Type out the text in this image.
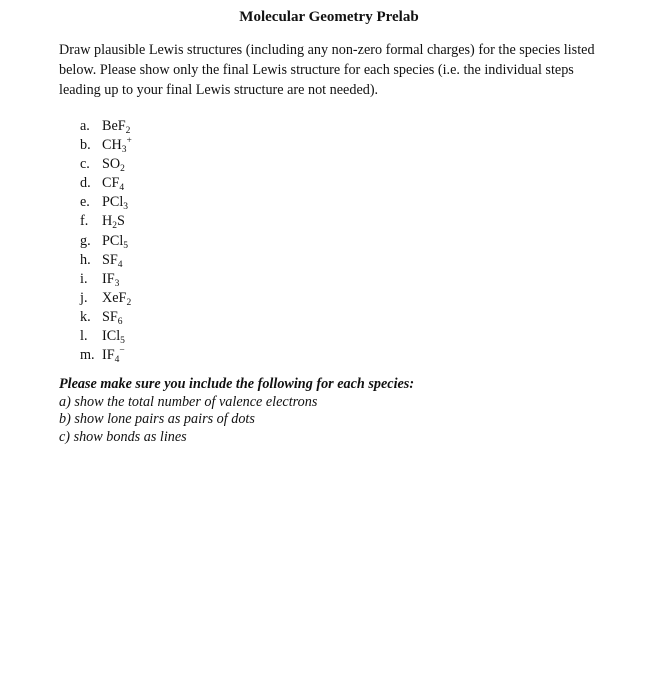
Molecular Geometry Prelab
Draw plausible Lewis structures (including any non-zero formal charges) for the species listed below. Please show only the final Lewis structure for each species (i.e. the individual steps leading up to your final Lewis structure are not needed).
a. BeF$_2$
b. $CH_3^+$
c. $SO_2$
d. $CF_4$
e. PCl$_3$
f. $H_2S$
g. PCl$_5$
h. $SF_4$
i. $IF_3$
j. XeF$_2$
k. $SF_6$
l. ICl$_5$
m. $IF_4^-$
Please make sure you include the following for each species:
a) show the total number of valence electrons
b) show lone pairs as pairs of dots
c) show bonds as lines
